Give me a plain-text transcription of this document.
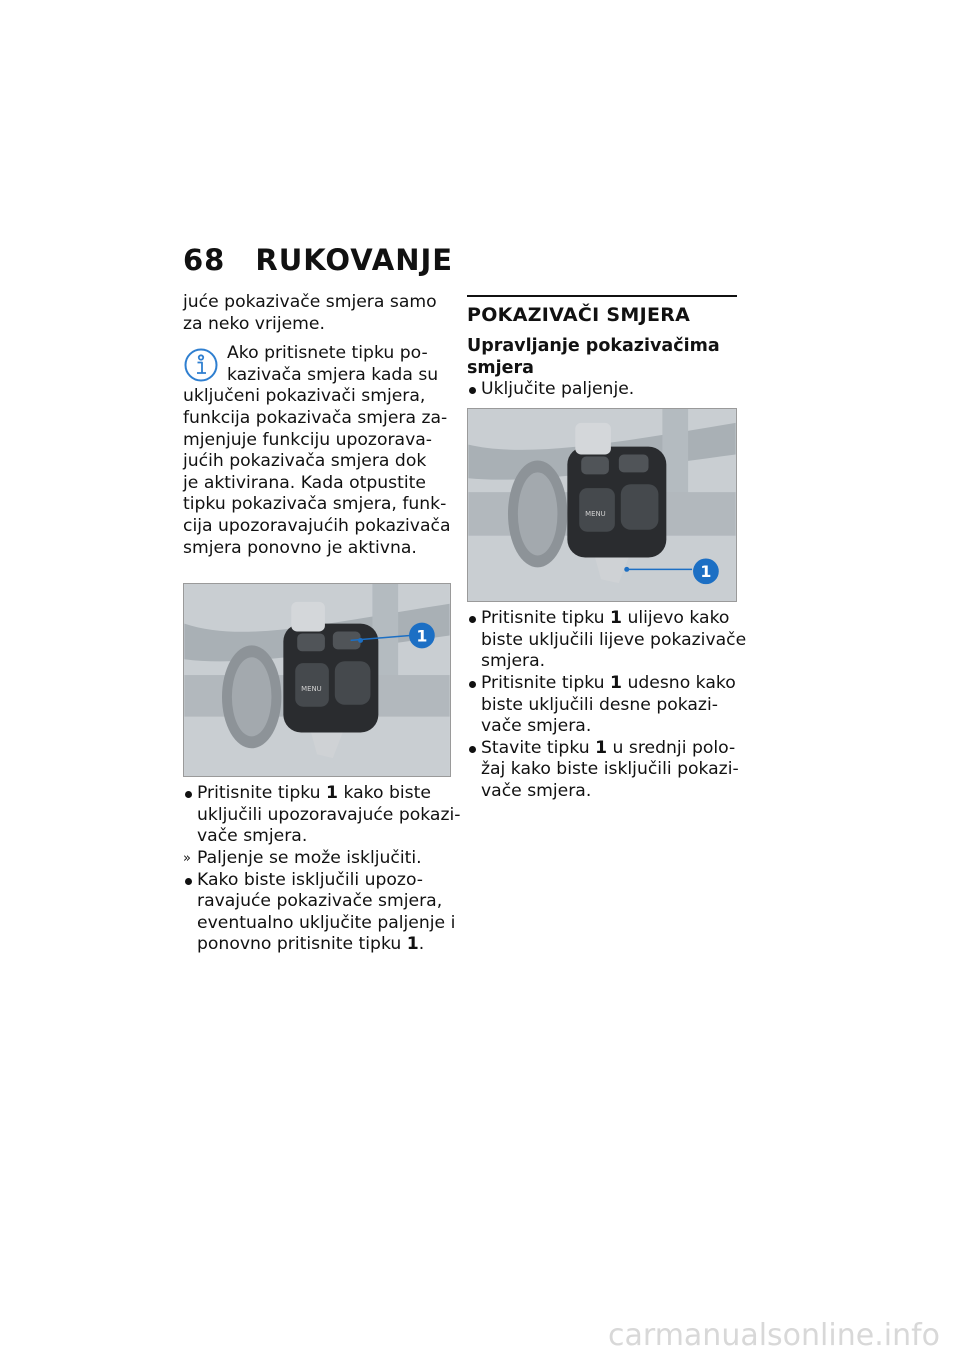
68 RUKOVANJE
juće pokazivače smjera samo
za neko vrijeme.
Ako pritisnete tipku po-
kazivača smjera kada su
uključeni pokazivači smjera,
funkcija pokazivača smjera za-
mjenjuje funkciju upozorava-
jućih pokazivača smjera dok
je aktivirana. Kada otpustite
tipku pokazivača smjera, funk-
cija upozoravajućih pokazivača
smjera ponovno je aktivna.
MENU
1
Pritisnite tipku 1 kako biste
uključili upozoravajuće pokazi-
vače smjera.
» Paljenje se može isključiti.
Kako biste isključili upozo-
ravajuće pokazivače smjera,
eventualno uključite paljenje i
ponovno pritisnite tipku 1.
POKAZIVAČI SMJERA
Upravljanje pokazivačima
smjera
Uključite paljenje.
MENU
1
Pritisnite tipku 1 ulijevo kako
biste uključili lijeve pokazivače
smjera.
Pritisnite tipku 1 udesno kako
biste uključili desne pokazi-
vače smjera.
Stavite tipku 1 u srednji polo-
žaj kako biste isključili pokazi-
vače smjera.
carmanualsonline.info
